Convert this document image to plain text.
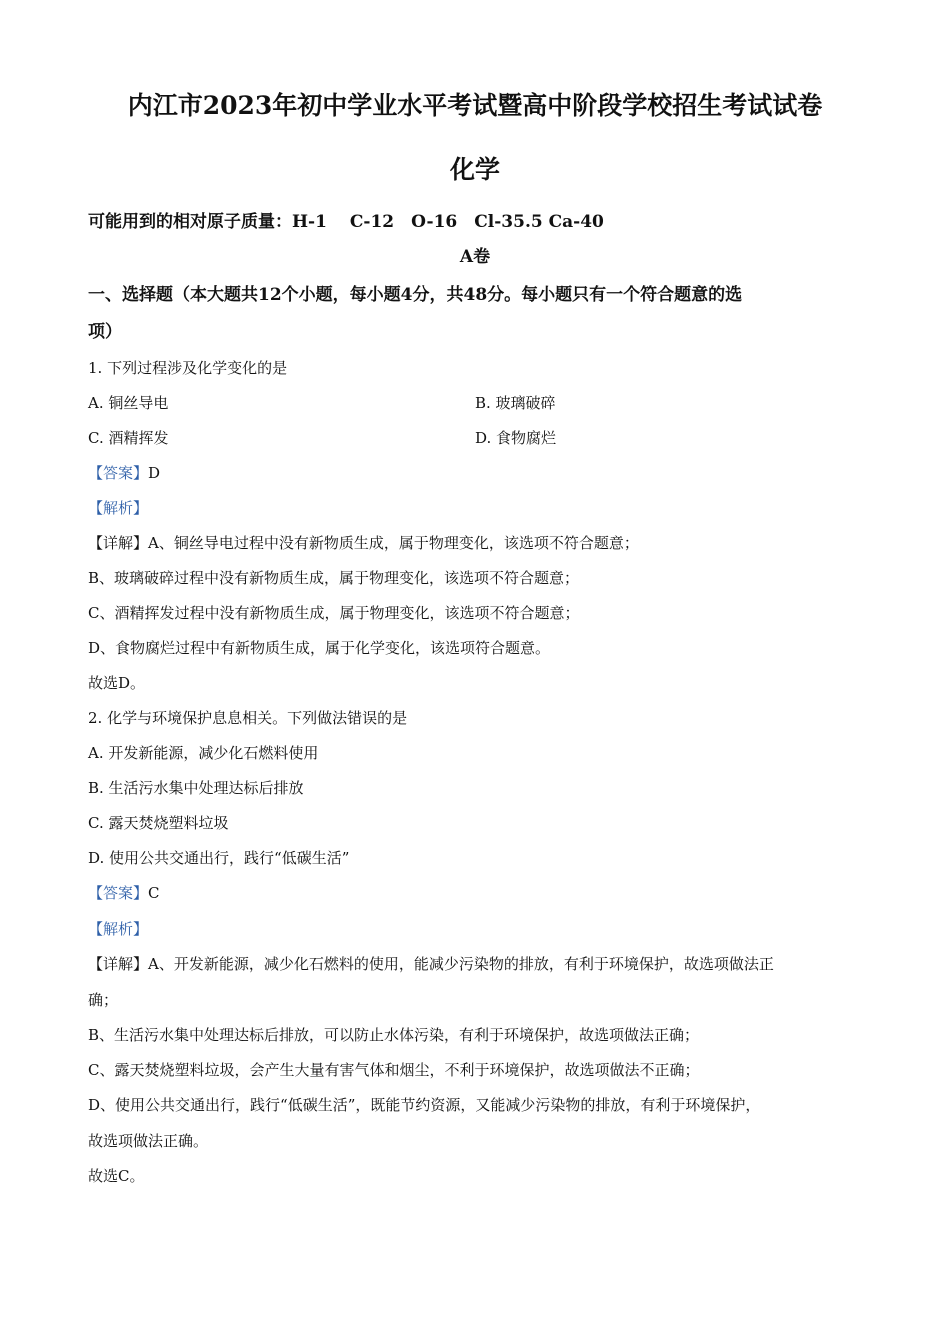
内江市2023年初中学业水平考试暨高中阶段学校招生考试试卷
化学
可能用到的相对原子质量：H-1　 C-12　O-16　Cl-35.5 Ca-40
A卷
一、选择题（本大题共12个小题，每小题4分，共48分。每小题只有一个符合题意的选
项）
1. 下列过程涉及化学变化的是
A. 铜丝导电	B. 玻璃破碎
C. 酒精挥发	D. 食物腐烂
【答案】D
【解析】
【详解】A、铜丝导电过程中没有新物质生成，属于物理变化，该选项不符合题意；
B、玻璃破碎过程中没有新物质生成，属于物理变化，该选项不符合题意；
C、酒精挥发过程中没有新物质生成，属于物理变化，该选项不符合题意；
D、食物腐烂过程中有新物质生成，属于化学变化，该选项符合题意。
故选D。
2. 化学与环境保护息息相关。下列做法错误的是
A. 开发新能源，减少化石燃料使用
B. 生活污水集中处理达标后排放
C. 露天焚烧塑料垃圾
D. 使用公共交通出行，践行“低碳生活”
【答案】C
【解析】
【详解】A、开发新能源，减少化石燃料的使用，能减少污染物的排放，有利于环境保护，故选项做法正
确；
B、生活污水集中处理达标后排放，可以防止水体污染，有利于环境保护，故选项做法正确；
C、露天焚烧塑料垃圾，会产生大量有害气体和烟尘，不利于环境保护，故选项做法不正确；
D、使用公共交通出行，践行“低碳生活”，既能节约资源，又能减少污染物的排放，有利于环境保护，
故选项做法正确。
故选C。
